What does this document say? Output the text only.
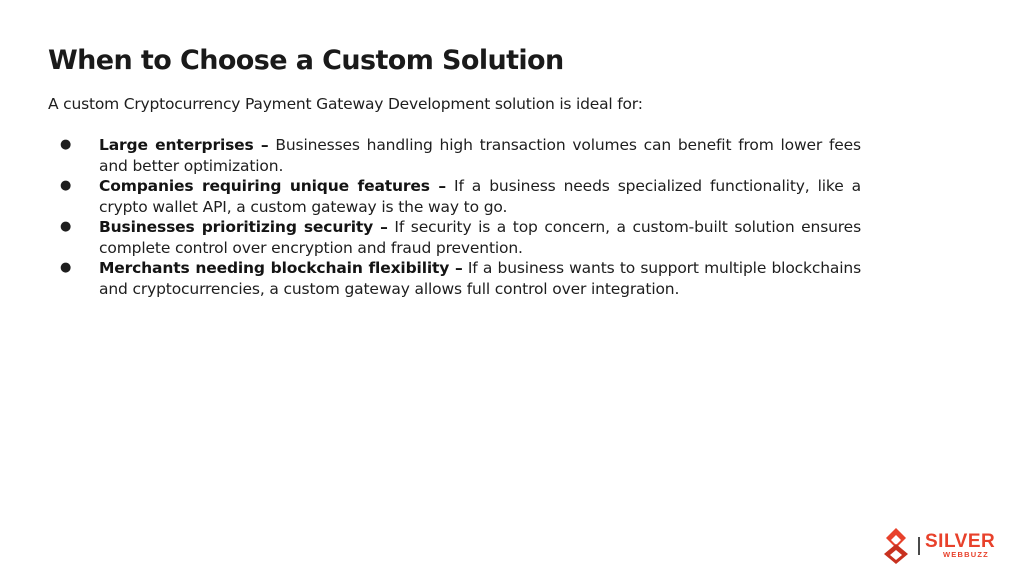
When to Choose a Custom Solution

A custom Cryptocurrency Payment Gateway Development solution is ideal for:

● Large enterprises – Businesses handling high transaction volumes can benefit from lower fees and better optimization.
● Companies requiring unique features – If a business needs specialized functionality, like a crypto wallet API, a custom gateway is the way to go.
● Businesses prioritizing security – If security is a top concern, a custom-built solution ensures complete control over encryption and fraud prevention.
● Merchants needing blockchain flexibility – If a business wants to support multiple blockchains and cryptocurrencies, a custom gateway allows full control over integration.

SILVER

WEBBUZZ
